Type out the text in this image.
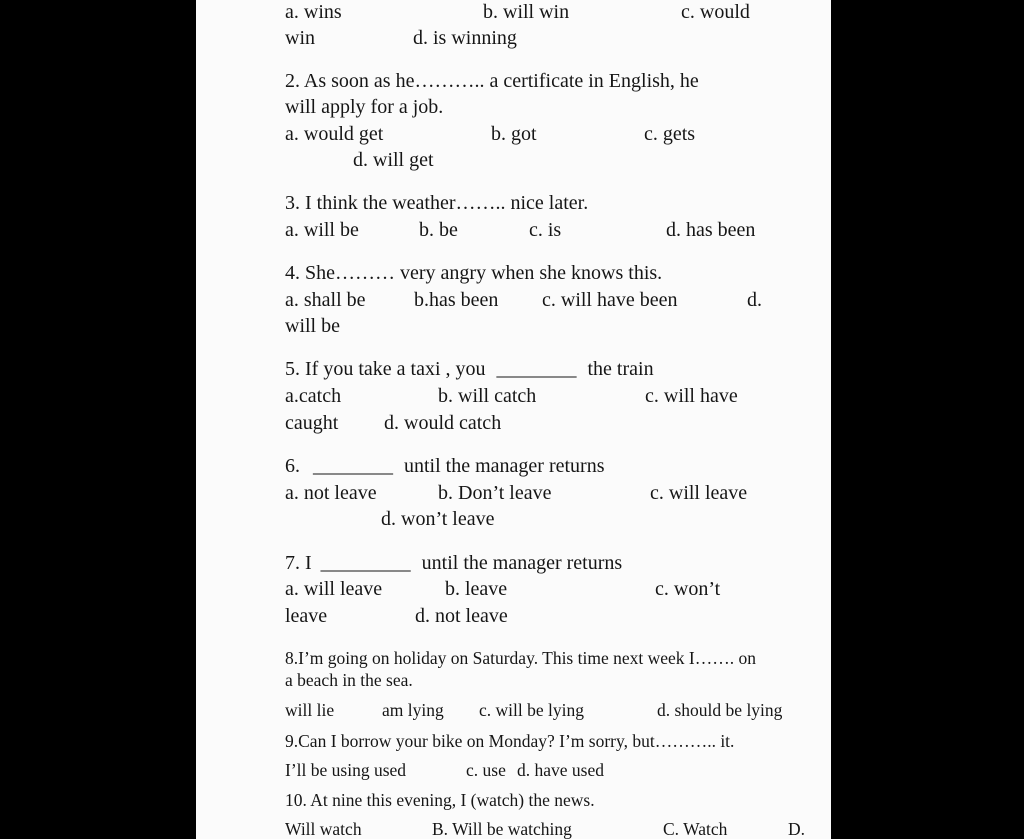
a. wins	b. will win	c. would
win	d. is winning
2. As soon as he……….. a certificate in English, he
will apply for a job.
a. would get	b. got	c. gets
d. will get
3. I think the weather…….. nice later.
a. will be	b. be	c. is	d. has been
4. She……… very angry when she knows this.
a. shall be b.has been c. will have been	d.
will be
5. If you take a taxi , you ________ the train
a.catch	b. will catch	c. will have
caught d. would catch
6. ________ until the manager returns
a. not leave	b. Don’t leave	c. will leave
d. won’t leave
7. I _________ until the manager returns
a. will leave	b. leave	c. won’t
leave	d. not leave
8.I’m going on holiday on Saturday. This time next week I……. on
a beach in the sea.
will lie	am lying c. will be lying	d. should be lying
9.Can I borrow your bike on Monday? I’m sorry, but……….. it.
I’ll be using used	c. use d. have used
10. At nine this evening, I (watch) the news.
Will watch	B. Will be watching	C. Watch	D.
